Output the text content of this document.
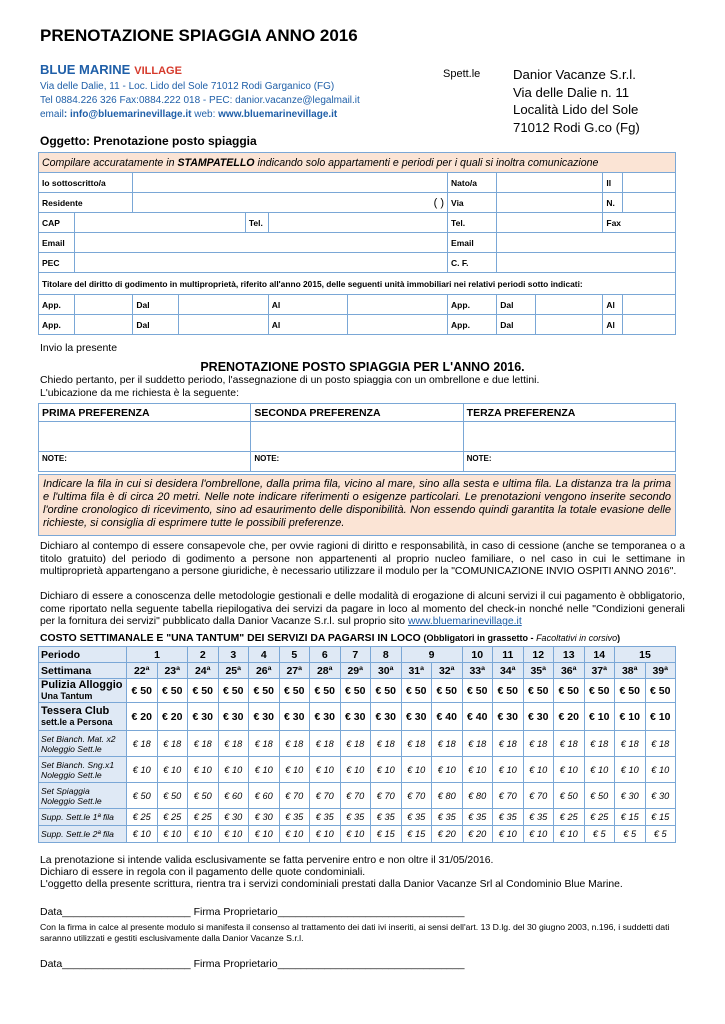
PRENOTAZIONE SPIAGGIA ANNO 2016
BLUE MARINE VILLAGE
Via delle Dalie, 11 - Loc. Lido del Sole 71012 Rodi Garganico (FG)
Tel 0884.226 326 Fax:0884.222 018 - PEC: danior.vacanze@legalmail.it
email: info@bluemarinevillage.it web: www.bluemarinevillage.it
Spett.le Danior Vacanze S.r.l.
Via delle Dalie n. 11
Località Lido del Sole
71012 Rodi G.co (Fg)
Oggetto: Prenotazione posto spiaggia
Compilare accuratamente in STAMPATELLO indicando solo appartamenti e periodi per i quali si inoltra comunicazione											
Io sottoscritto/a							Nato/a			Il	
Residente		( )					Via			N.	
CAP				Tel.			Tel.			Fax	
Email							Email				
PEC							C. F.				
Titolare del diritto di godimento in multiproprietà, riferito all'anno 2015, delle seguenti unità immobiliari nei relativi periodi sotto indicati:											
App.		Dal			Al		App.	Dal		Al	
App.		Dal			Al		App.	Dal		Al	
Invio la presente
PRENOTAZIONE POSTO SPIAGGIA PER L'ANNO 2016.
Chiedo pertanto, per il suddetto periodo, l'assegnazione di un posto spiaggia con un ombrellone e due lettini.
L'ubicazione da me richiesta è la seguente:
PRIMA PREFERENZA	SECONDA PREFERENZA	TERZA PREFERENZA

NOTE:	NOTE:	NOTE:
Indicare la fila in cui si desidera l'ombrellone, dalla prima fila, vicino al mare, sino alla sesta e ultima fila. La distanza tra la prima e l'ultima fila è di circa 20 metri. Nelle note indicare riferimenti o esigenze particolari. Le prenotazioni vengono inserite secondo l'ordine cronologico di ricevimento, sino ad esaurimento delle disponibilità. Non essendo quindi garantita la totale evasione delle richieste, si consiglia di esprimere tutte le possibili preferenze.
Dichiaro al contempo di essere consapevole che, per ovvie ragioni di diritto e responsabilità, in caso di cessione (anche se temporanea o a titolo gratuito) del periodo di godimento a persone non appartenenti al proprio nucleo familiare, o nel caso in cui le settimane in multiproprietà appartengano a persone giuridiche, è necessario utilizzare il modulo per la "COMUNICAZIONE INVIO OSPITI ANNO 2016".
Dichiaro di essere a conoscenza delle metodologie gestionali e delle modalità di erogazione di alcuni servizi il cui pagamento è obbligatorio, come riportato nella seguente tabella riepilogativa dei servizi da pagare in loco al momento del check-in nonché nelle "Condizioni generali per la fornitura dei servizi" pubblicato dalla Danior Vacanze S.r.l. sul proprio sito www.bluemarinevillage.it
COSTO SETTIMANALE E "UNA TANTUM" DEI SERVIZI DA PAGARSI IN LOCO (Obbligatori in grassetto - Facoltativi in corsivo)
Periodo	1		2	3	4	5	6	7	8	9		10	11	12	13	14	15	
Settimana	22ª	23ª	24ª	25ª	26ª	27ª	28ª	29ª	30ª	31ª	32ª	33ª	34ª	35ª	36ª	37ª	38ª	39ª

Pulizia Alloggio
Una Tantum	€ 50	€ 50	€ 50	€ 50	€ 50	€ 50	€ 50	€ 50	€ 50	€ 50	€ 50	€ 50	€ 50	€ 50	€ 50	€ 50	€ 50	€ 50

Tessera Club
sett.le a Persona	€ 20	€ 20	€ 30	€ 30	€ 30	€ 30	€ 30	€ 30	€ 30	€ 30	€ 40	€ 40	€ 30	€ 30	€ 20	€ 10	€ 10	€ 10

Set Bianch. Mat. x2
Noleggio Sett.le	€ 18	€ 18	€ 18	€ 18	€ 18	€ 18	€ 18	€ 18	€ 18	€ 18	€ 18	€ 18	€ 18	€ 18	€ 18	€ 18	€ 18	€ 18

Set Bianch. Sng.x1
Noleggio Sett.le	€ 10	€ 10	€ 10	€ 10	€ 10	€ 10	€ 10	€ 10	€ 10	€ 10	€ 10	€ 10	€ 10	€ 10	€ 10	€ 10	€ 10	€ 10

Set Spiaggia
Noleggio Sett.le	€ 50	€ 50	€ 50	€ 60	€ 60	€ 70	€ 70	€ 70	€ 70	€ 70	€ 80	€ 80	€ 70	€ 70	€ 50	€ 50	€ 30	€ 30

Supp. Sett.le 1ª fila	€ 25	€ 25	€ 25	€ 30	€ 30	€ 35	€ 35	€ 35	€ 35	€ 35	€ 35	€ 35	€ 35	€ 35	€ 25	€ 25	€ 15	€ 15

Supp. Sett.le 2ª fila	€ 10	€ 10	€ 10	€ 10	€ 10	€ 10	€ 10	€ 10	€ 15	€ 15	€ 20	€ 20	€ 10	€ 10	€ 10	€ 5	€ 5	€ 5
La prenotazione si intende valida esclusivamente se fatta pervenire entro e non oltre il 31/05/2016.
Dichiaro di essere in regola con il pagamento delle quote condominiali.
L'oggetto della presente scrittura, rientra tra i servizi condominiali prestati dalla Danior Vacanze Srl al Condominio Blue Marine.
Data______________________ Firma Proprietario________________________________
Con la firma in calce al presente modulo si manifesta il consenso al trattamento dei dati ivi inseriti, ai sensi dell'art. 13 D.lg. del 30 giugno 2003, n.196, i suddetti dati saranno utilizzati e gestiti esclusivamente dalla Danior Vacanze S.r.l.
Data______________________ Firma Proprietario________________________________
